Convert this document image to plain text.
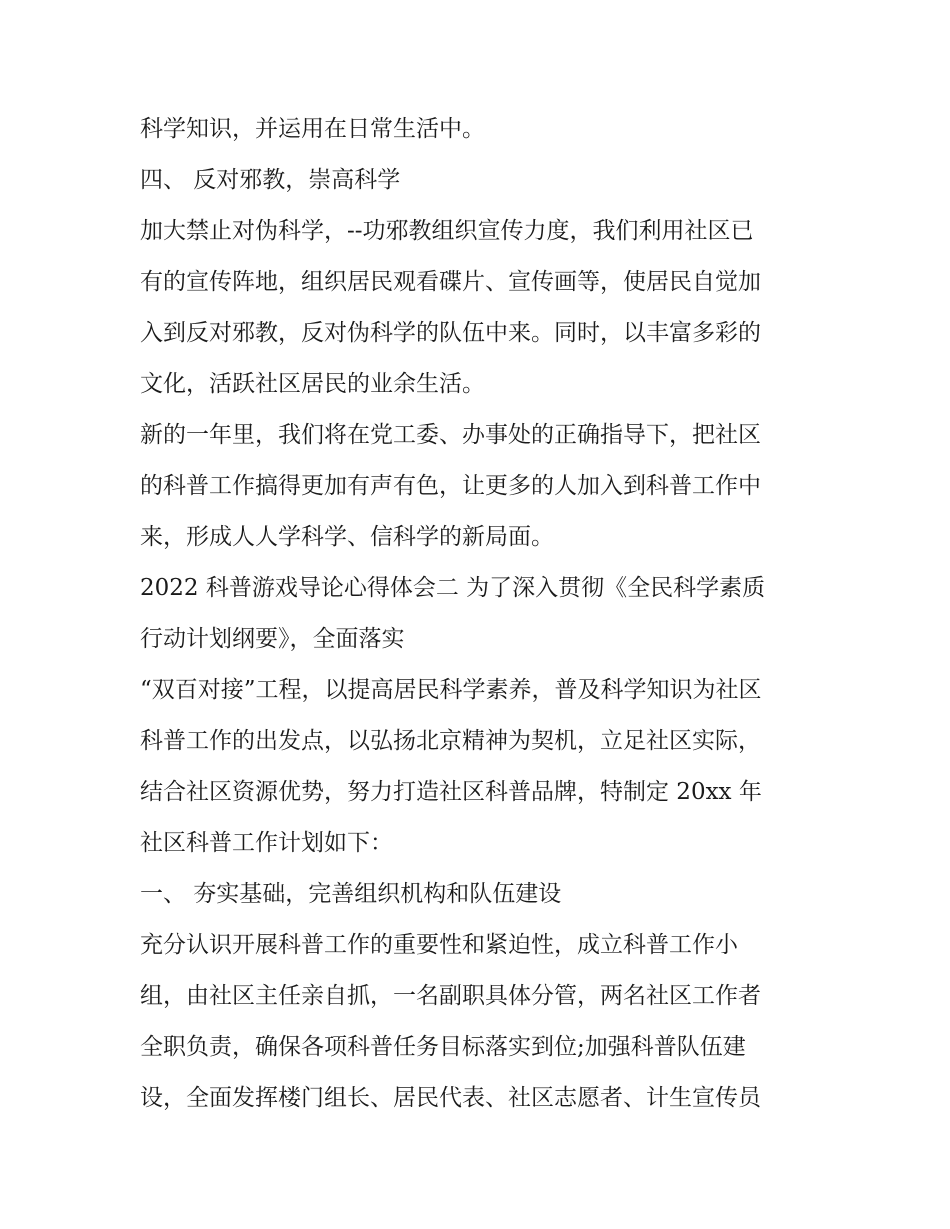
科学知识，并运用在日常生活中。
四、 反对邪教，崇高科学
加大禁止对伪科学，--功邪教组织宣传力度，我们利用社区已
有的宣传阵地，组织居民观看碟片、宣传画等，使居民自觉加
入到反对邪教，反对伪科学的队伍中来。同时，以丰富多彩的
文化，活跃社区居民的业余生活。
新的一年里，我们将在党工委、办事处的正确指导下，把社区
的科普工作搞得更加有声有色，让更多的人加入到科普工作中
来，形成人人学科学、信科学的新局面。
2022 科普游戏导论心得体会二 为了深入贯彻《全民科学素质
行动计划纲要》，全面落实
“双百对接”工程，以提高居民科学素养，普及科学知识为社区
科普工作的出发点，以弘扬北京精神为契机，立足社区实际，
结合社区资源优势，努力打造社区科普品牌，特制定 20xx 年
社区科普工作计划如下：
一、 夯实基础，完善组织机构和队伍建设
充分认识开展科普工作的重要性和紧迫性，成立科普工作小
组，由社区主任亲自抓，一名副职具体分管，两名社区工作者
全职负责，确保各项科普任务目标落实到位;加强科普队伍建
设，全面发挥楼门组长、居民代表、社区志愿者、计生宣传员
